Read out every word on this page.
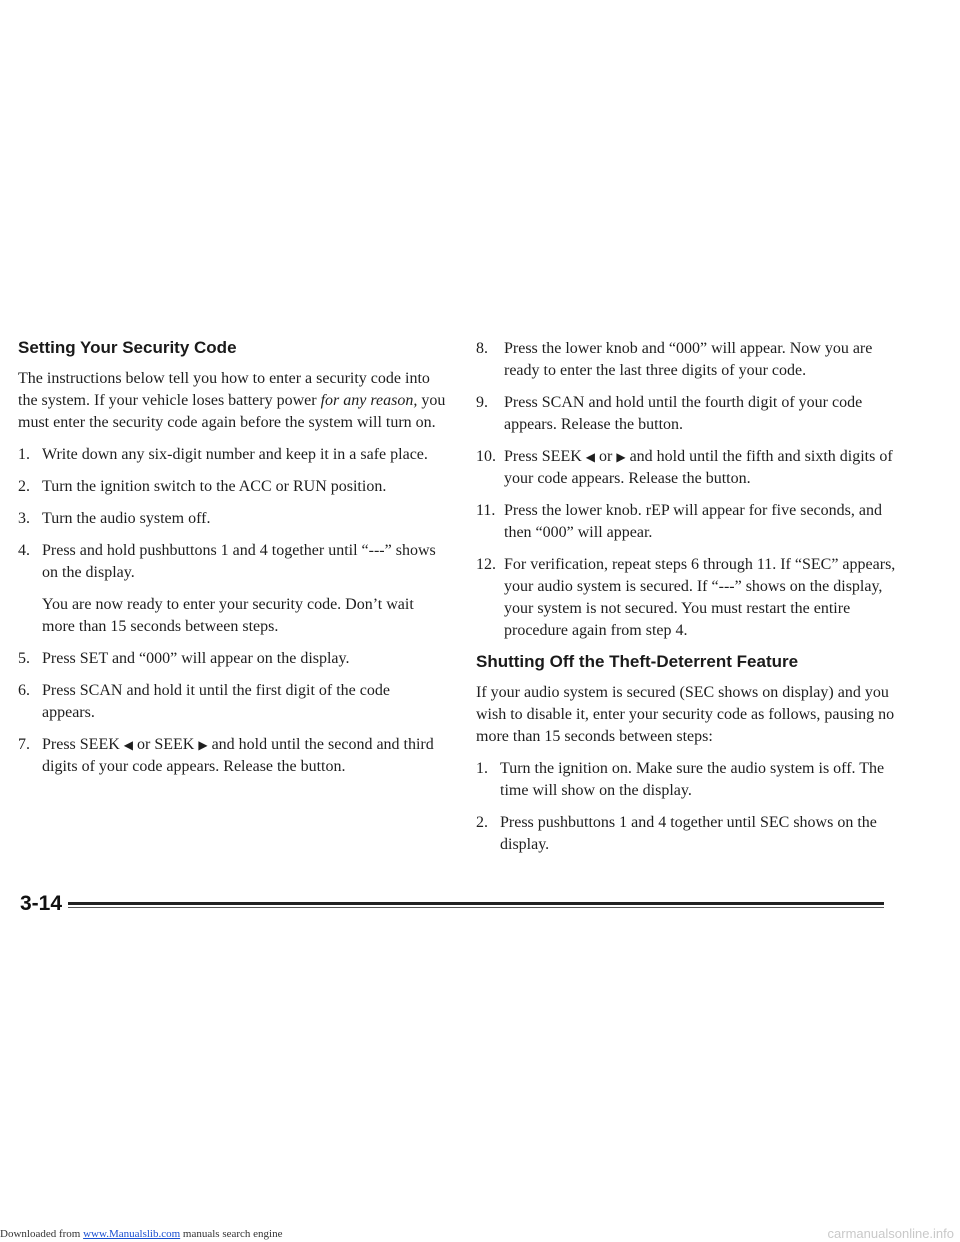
Setting Your Security Code

The instructions below tell you how to enter a security code into the system. If your vehicle loses battery power for any reason, you must enter the security code again before the system will turn on.

1. Write down any six-digit number and keep it in a safe place.
2. Turn the ignition switch to the ACC or RUN position.
3. Turn the audio system off.
4. Press and hold pushbuttons 1 and 4 together until “---” shows on the display.

You are now ready to enter your security code. Don’t wait more than 15 seconds between steps.

5. Press SET and “000” will appear on the display.
6. Press SCAN and hold it until the first digit of the code appears.
7. Press SEEK ◀ or SEEK ▶ and hold until the second and third digits of your code appears. Release the button.
8. Press the lower knob and “000” will appear. Now you are ready to enter the last three digits of your code.
9. Press SCAN and hold until the fourth digit of your code appears. Release the button.
10. Press SEEK ◀ or ▶ and hold until the fifth and sixth digits of your code appears. Release the button.
11. Press the lower knob. rEP will appear for five seconds, and then “000” will appear.
12. For verification, repeat steps 6 through 11. If “SEC” appears, your audio system is secured. If “---” shows on the display, your system is not secured. You must restart the entire procedure again from step 4.
Shutting Off the Theft-Deterrent Feature

If your audio system is secured (SEC shows on display) and you wish to disable it, enter your security code as follows, pausing no more than 15 seconds between steps:

1. Turn the ignition on. Make sure the audio system is off. The time will show on the display.
2. Press pushbuttons 1 and 4 together until SEC shows on the display.
3-14
Downloaded from www.Manualslib.com manuals search engine	carmanualsonline.info
